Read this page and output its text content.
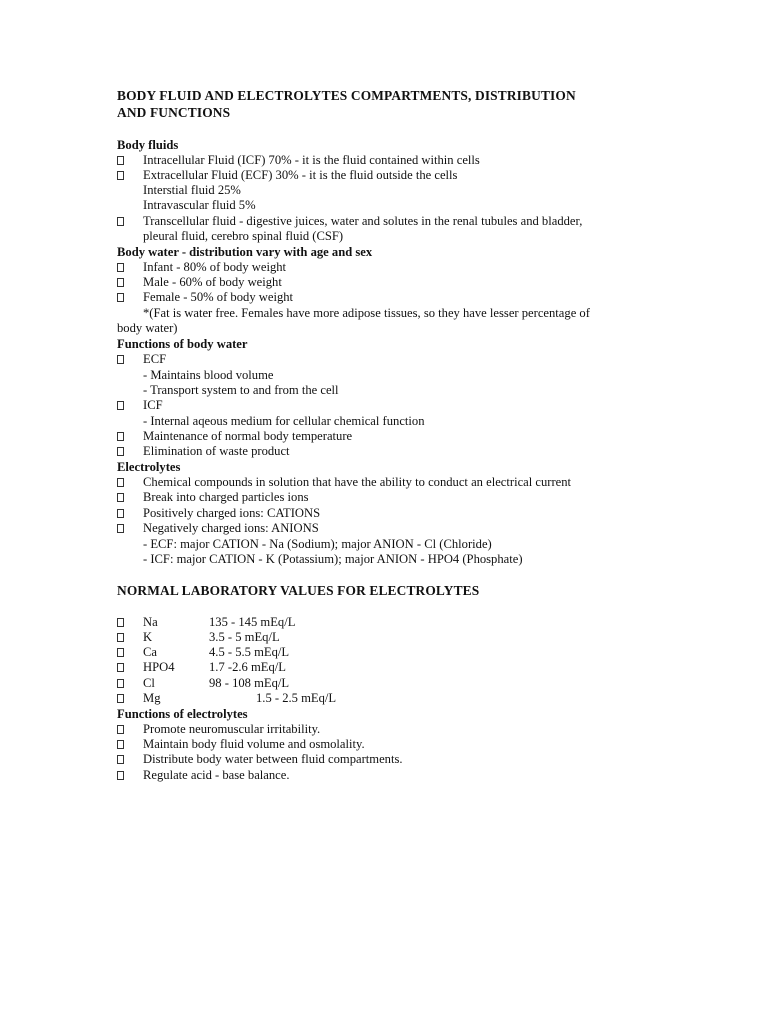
BODY FLUID AND ELECTROLYTES COMPARTMENTS, DISTRIBUTION
AND FUNCTIONS
Body fluids
Intracellular Fluid (ICF) 70% - it is the fluid contained within cells
Extracellular Fluid (ECF) 30% - it is the fluid outside the cells
Interstial fluid 25%
Intravascular fluid 5%
Transcellular fluid - digestive juices, water and solutes in the renal tubules and bladder,
pleural fluid, cerebro spinal fluid (CSF)
Body water - distribution vary with age and sex
Infant - 80% of body weight
Male - 60% of body weight
Female - 50% of body weight
*(Fat is water free. Females have more adipose tissues, so they have lesser percentage of
body water)
Functions of body water
ECF
- Maintains blood volume
- Transport system to and from the cell
ICF
- Internal aqeous medium for cellular chemical function
Maintenance of normal body temperature
Elimination of waste product
Electrolytes
Chemical compounds in solution that have the ability to conduct an electrical current
Break into charged particles ions
Positively charged ions: CATIONS
Negatively charged ions: ANIONS
- ECF: major CATION - Na (Sodium); major ANION - Cl (Chloride)
- ICF: major CATION - K (Potassium); major ANION - HPO4 (Phosphate)
NORMAL LABORATORY VALUES FOR ELECTROLYTES
Na	135 - 145 mEq/L
K	3.5 - 5 mEq/L
Ca	4.5 - 5.5 mEq/L
HPO4	1.7 -2.6 mEq/L
Cl	98 - 108 mEq/L
Mg	1.5 - 2.5 mEq/L
Functions of electrolytes
Promote neuromuscular irritability.
Maintain body fluid volume and osmolality.
Distribute body water between fluid compartments.
Regulate acid - base balance.
